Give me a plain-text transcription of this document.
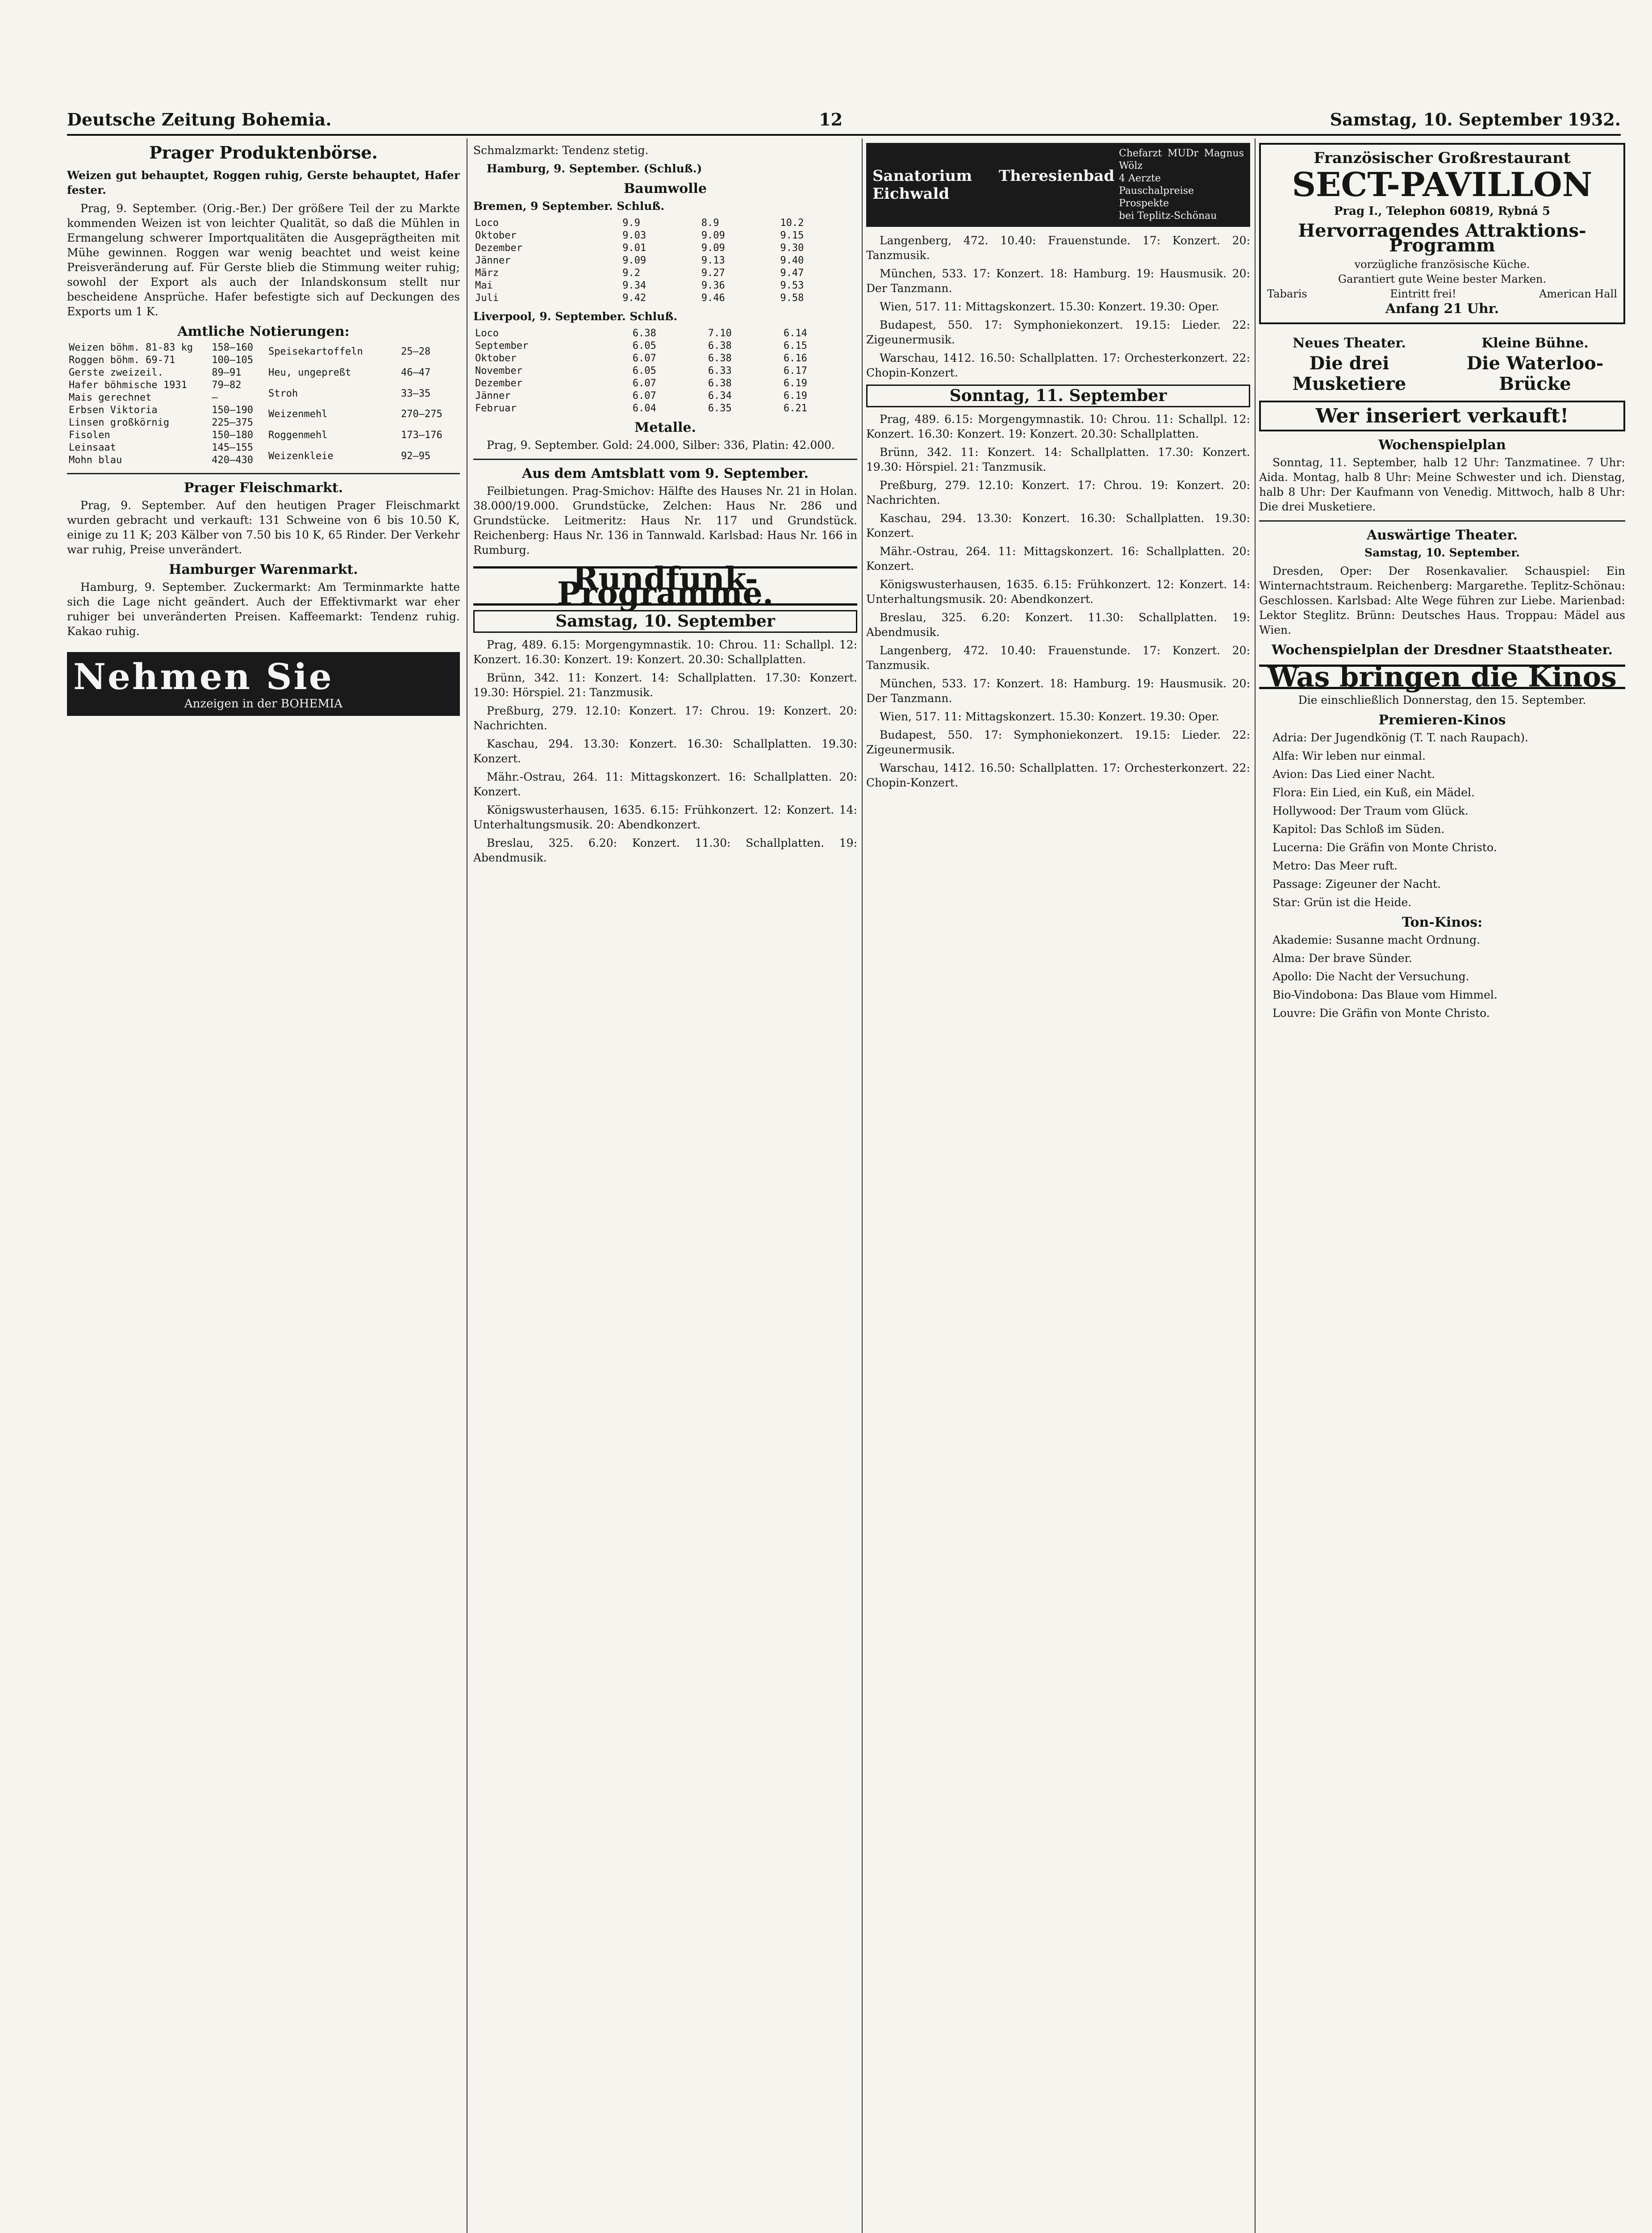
Deutsche Zeitung Bohemia.	12	Samstag, 10. September 1932.
Prager Produktenbörse.

Weizen gut behauptet, Roggen ruhig, Gerste behauptet, Hafer fester.

Prag, 9. September. (Orig.-Ber.) Der größere Teil der zu Markte kommenden Weizen ist von leichter Qualität, so daß die Mühlen in Ermangelung schwerer Importqualitäten die Ausgeprägtheiten mit Mühe gewinnen. Roggen war wenig beachtet und weist keine Preisveränderung auf. Für Gerste blieb die Stimmung weiter ruhig; sowohl der Export als auch der Inlandskonsum stellt nur bescheidene Ansprüche. Hafer befestigte sich auf Deckungen des Exports um 1 K.

Amtliche Notierungen:
Weizen böhm. 81-83 kg	158—160
Roggen böhm. 69-71	100—105
Gerste zweizeil.	89—91
Hafer böhmische 1931	79—82
Mais gerechnet	—
Erbsen Viktoria	150—190
Linsen großkörnig	225—375
Fisolen	150—180
Leinsaat	145—155
Mohn blau	420—430
Speisekartoffeln	25—28
Heu, ungepreßt	46—47
Stroh	33—35
Weizenmehl	270—275
Roggenmehl	173—176
Weizenkleie	92—95
Prager Fleischmarkt.

Prag, 9. September. Auf den heutigen Prager Fleischmarkt wurden gebracht und verkauft: 131 Schweine von 6 bis 10.50 K, einige zu 11 K; 203 Kälber von 7.50 bis 10 K, 65 Rinder. Der Verkehr war ruhig, Preise unverändert.

Hamburger Warenmarkt.

Hamburg, 9. September. Zuckermarkt: Am Terminmarkte hatte sich die Lage nicht geändert. Auch der Effektivmarkt war eher ruhiger bei unveränderten Preisen. Kaffeemarkt: Tendenz ruhig. Kakao ruhig.

Nehmen Sie
Anzeigen in der BOHEMIA

Schmalzmarkt: Tendenz stetig.

Hamburg, 9. September. (Schluß.)

Baumwolle

Bremen, 9 September. Schluß.

Loco	9.9	8.9	10.2
Oktober	9.03	9.09	9.15
Dezember	9.01	9.09	9.30
Jänner	9.09	9.13	9.40
März	9.2	9.27	9.47
Mai	9.34	9.36	9.53
Juli	9.42	9.46	9.58

Liverpool, 9. September. Schluß.

Loco	6.38	7.10	6.14
September	6.05	6.38	6.15
Oktober	6.07	6.38	6.16
November	6.05	6.33	6.17
Dezember	6.07	6.38	6.19
Jänner	6.07	6.34	6.19
Februar	6.04	6.35	6.21
Metalle.

Prag, 9. September. Gold: 24.000, Silber: 336, Platin: 42.000.

Aus dem Amtsblatt vom 9. September.

Feilbietungen. Prag-Smichov: Hälfte des Hauses Nr. 21 in Holan. 38.000/19.000. Grundstücke, Zelchen: Haus Nr. 286 und Grundstücke. Leitmeritz: Haus Nr. 117 und Grundstück. Reichenberg: Haus Nr. 136 in Tannwald. Karlsbad: Haus Nr. 166 in Rumburg.

Rundfunk-Programme.
Samstag, 10. September

Prag, 489. 6.15: Morgengymnastik. 10: Chrou. 11: Schallpl. 12: Konzert. 16.30: Konzert. 19: Konzert. 20.30: Schallplatten.

Brünn, 342. 11: Konzert. 14: Schallplatten. 17.30: Konzert. 19.30: Hörspiel. 21: Tanzmusik.

Preßburg, 279. 12.10: Konzert. 17: Chrou. 19: Konzert. 20: Nachrichten.

Kaschau, 294. 13.30: Konzert. 16.30: Schallplatten. 19.30: Konzert.

Mähr.-Ostrau, 264. 11: Mittagskonzert. 16: Schallplatten. 20: Konzert.

Königswusterhausen, 1635. 6.15: Frühkonzert. 12: Konzert. 14: Unterhaltungsmusik. 20: Abendkonzert.

Breslau, 325. 6.20: Konzert. 11.30: Schallplatten. 19: Abendmusik.

Sanatorium Theresienbad Eichwald
Chefarzt MUDr Magnus Wölz
4 Aerzte
Pauschalpreise Prospekte
bei Teplitz-Schönau

Langenberg, 472. 10.40: Frauenstunde. 17: Konzert. 20: Tanzmusik.

München, 533. 17: Konzert. 18: Hamburg. 19: Hausmusik. 20: Der Tanzmann.

Wien, 517. 11: Mittagskonzert. 15.30: Konzert. 19.30: Oper.

Budapest, 550. 17: Symphoniekonzert. 19.15: Lieder. 22: Zigeunermusik.

Warschau, 1412. 16.50: Schallplatten. 17: Orchesterkonzert. 22: Chopin-Konzert.

Sonntag, 11. September

Prag, 489. 6.15: Morgengymnastik. 10: Chrou. 11: Schallpl. 12: Konzert. 16.30: Konzert. 19: Konzert. 20.30: Schallplatten.

Brünn, 342. 11: Konzert. 14: Schallplatten. 17.30: Konzert. 19.30: Hörspiel. 21: Tanzmusik.

Preßburg, 279. 12.10: Konzert. 17: Chrou. 19: Konzert. 20: Nachrichten.

Kaschau, 294. 13.30: Konzert. 16.30: Schallplatten. 19.30: Konzert.

Mähr.-Ostrau, 264. 11: Mittagskonzert. 16: Schallplatten. 20: Konzert.

Königswusterhausen, 1635. 6.15: Frühkonzert. 12: Konzert. 14: Unterhaltungsmusik. 20: Abendkonzert.

Breslau, 325. 6.20: Konzert. 11.30: Schallplatten. 19: Abendmusik.

Langenberg, 472. 10.40: Frauenstunde. 17: Konzert. 20: Tanzmusik.

München, 533. 17: Konzert. 18: Hamburg. 19: Hausmusik. 20: Der Tanzmann.

Wien, 517. 11: Mittagskonzert. 15.30: Konzert. 19.30: Oper.

Budapest, 550. 17: Symphoniekonzert. 19.15: Lieder. 22: Zigeunermusik.

Warschau, 1412. 16.50: Schallplatten. 17: Orchesterkonzert. 22: Chopin-Konzert.

Französischer Großrestaurant
SECT-PAVILLON
Prag I., Telephon 60819, Rybná 5
Hervorragendes Attraktions-Programm
vorzügliche französische Küche.
Garantiert gute Weine bester Marken.
Tabaris	Eintritt frei!	American Hall
Anfang 21 Uhr.
Neues Theater.
Die drei Musketiere
Kleine Bühne.
Die Waterloo-Brücke
Wer inseriert verkauft!
Wochenspielplan

Sonntag, 11. September, halb 12 Uhr: Tanzmatinee. 7 Uhr: Aida. Montag, halb 8 Uhr: Meine Schwester und ich. Dienstag, halb 8 Uhr: Der Kaufmann von Venedig. Mittwoch, halb 8 Uhr: Die drei Musketiere.

Auswärtige Theater.

Samstag, 10. September.

Dresden, Oper: Der Rosenkavalier. Schauspiel: Ein Winternachtstraum. Reichenberg: Margarethe. Teplitz-Schönau: Geschlossen. Karlsbad: Alte Wege führen zur Liebe. Marienbad: Lektor Steglitz. Brünn: Deutsches Haus. Troppau: Mädel aus Wien.

Wochenspielplan der Dresdner Staatstheater.
Was bringen die Kinos

Die einschließlich Donnerstag, den 15. September.

Premieren-Kinos

Adria: Der Jugendkönig (T. T. nach Raupach).

Alfa: Wir leben nur einmal.

Avion: Das Lied einer Nacht.

Flora: Ein Lied, ein Kuß, ein Mädel.

Hollywood: Der Traum vom Glück.

Kapitol: Das Schloß im Süden.

Lucerna: Die Gräfin von Monte Christo.

Metro: Das Meer ruft.

Passage: Zigeuner der Nacht.

Star: Grün ist die Heide.

Ton-Kinos:

Akademie: Susanne macht Ordnung.

Alma: Der brave Sünder.

Apollo: Die Nacht der Versuchung.

Bio-Vindobona: Das Blaue vom Himmel.

Louvre: Die Gräfin von Monte Christo.
